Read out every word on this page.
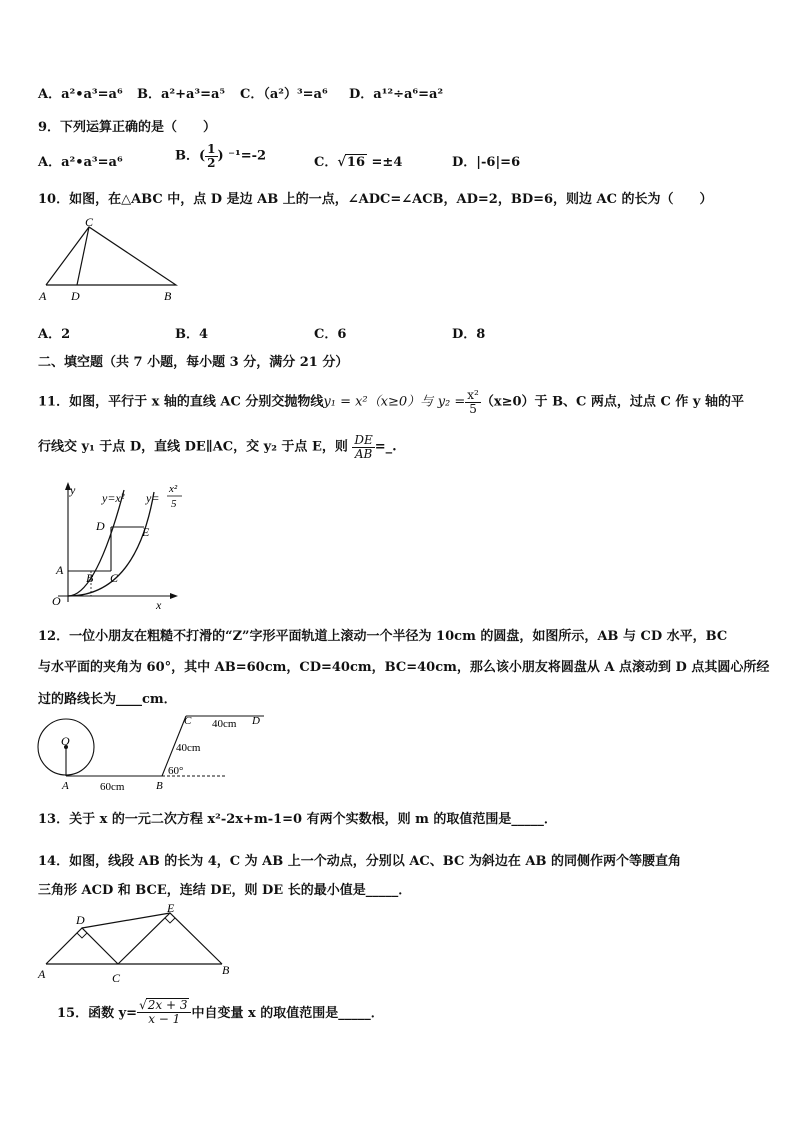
A．a²•a³=a⁶ B．a²+a³=a⁵ C．（a²）³=a⁶ D．a¹²÷a⁶=a²
9．下列运算正确的是（　　）
A．a²•a³=a⁶	B．( $\frac{1}{2}$ ) ⁻¹=-2	C．√16 =±4	D．|-6|=6
10．如图，在△ABC 中，点 D 是边 AB 上的一点，∠ADC=∠ACB，AD=2，BD=6，则边 AC 的长为（　　）
C
A D	B
A．2	B．4	C．6	D．8
二、填空题（共 7 小题，每小题 3 分，满分 21 分）
11．如图，平行于 x 轴的直线 AC 分别交抛物线y₁ = x²（x≥0）与 $y_2 = \frac{\text{x²}}{5} (x\ge 0)$于 B、C 两点，过点 C 作 y 轴的平
行线交 y₁ 于点 D，直线 DE∥AC，交 y₂ 于点 E，则 $\frac{DE}{AB}$ =_.
y
x
O
y=x² y=
x²
5
A
B C
D	E
12．一位小朋友在粗糙不打滑的“Z”字形平面轨道上滚动一个半径为 10cm 的圆盘，如图所示，AB 与 CD 水平，BC
与水平面的夹角为 60°，其中 AB=60cm，CD=40cm，BC=40cm，那么该小朋友将圆盘从 A 点滚动到 D 点其圆心所经
过的路线长为____cm．
O
A	B
C	D
60cm
40cm
40cm
60°
13．关于 x 的一元二次方程 x²-2x+m-1=0 有两个实数根，则 m 的取值范围是_____．
14．如图，线段 AB 的长为 4，C 为 AB 上一个动点，分别以 AC、BC 为斜边在 AB 的同侧作两个等腰直角
三角形 ACD 和 BCE，连结 DE，则 DE 长的最小值是_____．
D
E
A	C
B
15．函数 $y= \frac{√2x + 3}{x - 1}$ 中自变量 x 的取值范围是_____．
